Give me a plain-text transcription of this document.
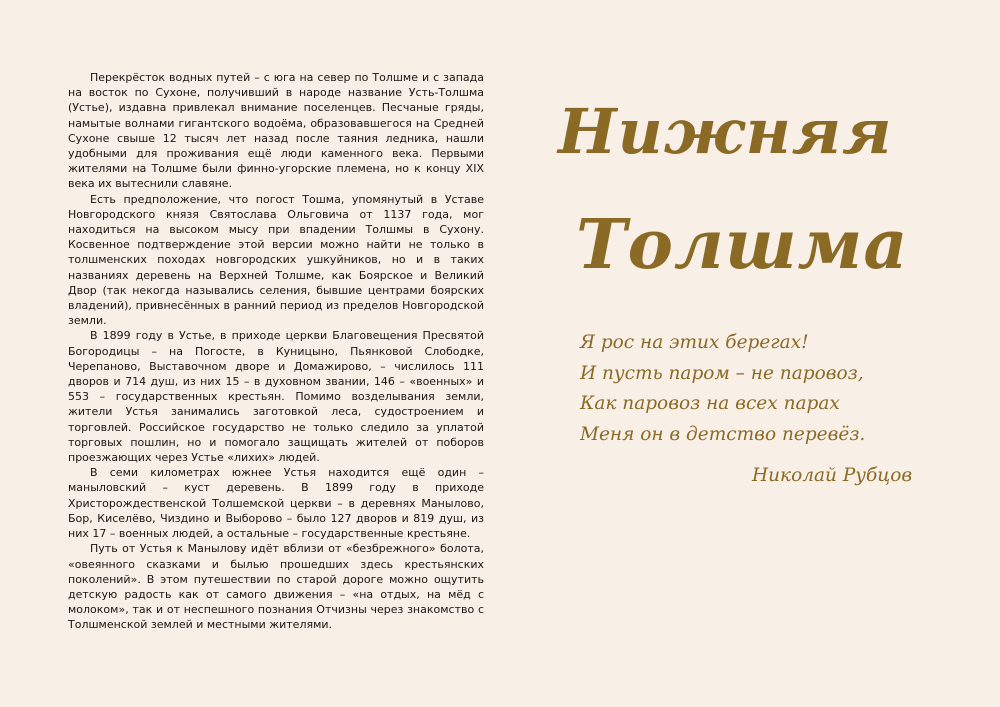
Перекрёсток водных путей – с юга на север по Толшме и с запада на восток по Сухоне, получивший в народе название Усть-Толшма (Устье), издавна привлекал внимание поселенцев. Песчаные гряды, намытые волнами гигантского водоёма, образовавшегося на Средней Сухоне свыше 12 тысяч лет назад после таяния ледника, нашли удобными для проживания ещё люди каменного века. Первыми жителями на Толшме были финно-угорские племена, но к концу XIX века их вытеснили славяне.

Есть предположение, что погост Тошма, упомянутый в Уставе Новгородского князя Святослава Ольговича от 1137 года, мог находиться на высоком мысу при впадении Толшмы в Сухону. Косвенное подтверждение этой версии можно найти не только в толшменских походах новгородских ушкуйников, но и в таких названиях деревень на Верхней Толшме, как Боярское и Великий Двор (так некогда назывались селения, бывшие центрами боярских владений), привнесённых в ранний период из пределов Новгородской земли.

В 1899 году в Устье, в приходе церкви Благовещения Пресвятой Богородицы – на Погосте, в Куницыно, Пьянковой Слободке, Черепаново, Выставочном дворе и Домажирово, – числилось 111 дворов и 714 душ, из них 15 – в духовном звании, 146 – «военных» и 553 – государственных крестьян. Помимо возделывания земли, жители Устья занимались заготовкой леса, судостроением и торговлей. Российское государство не только следило за уплатой торговых пошлин, но и помогало защищать жителей от поборов проезжающих через Устье «лихих» людей.

В семи километрах южнее Устья находится ещё один – маныловский – куст деревень. В 1899 году в приходе Христорождественской Толшемской церкви – в деревнях Манылово, Бор, Киселёво, Чиздино и Выборово – было 127 дворов и 819 душ, из них 17 – военных людей, а остальные – государственные крестьяне.

Путь от Устья к Манылову идёт вблизи от «безбрежного» болота, «овеянного сказками и былью прошедших здесь крестьянских поколений». В этом путешествии по старой дороге можно ощутить детскую радость как от самого движения – «на отдых, на мёд с молоком», так и от неспешного познания Отчизны через знакомство с Толшменской землей и местными жителями.

Нижняя
Толшма
Я рос на этих берегах!
И пусть паром – не паровоз,
Как паровоз на всех парах
Меня он в детство перевёз.
Николай Рубцов
